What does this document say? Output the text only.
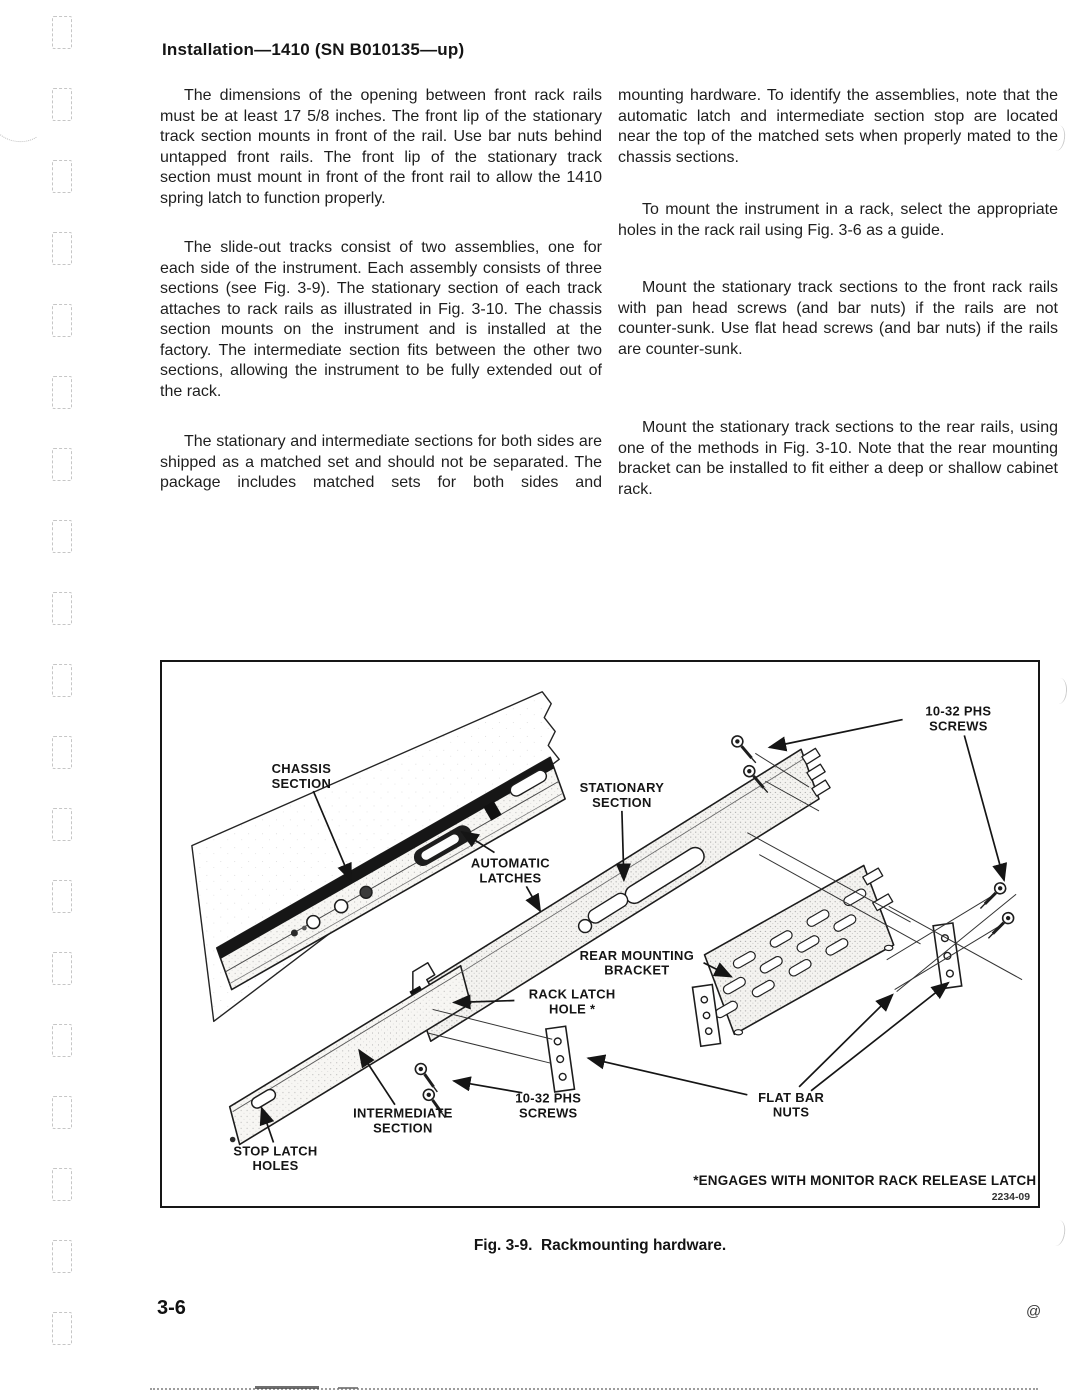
Installation—1410 (SN B010135—up)

The dimensions of the opening between front rack rails must be at least 17 5/8 inches. The front lip of the stationary track section mounts in front of the rail. Use bar nuts behind untapped front rails. The front lip of the stationary track section must mount in front of the front rail to allow the 1410 spring latch to function properly.

The slide-out tracks consist of two assemblies, one for each side of the instrument. Each assembly consists of three sections (see Fig. 3-9). The stationary section of each track attaches to rack rails as illustrated in Fig. 3-10. The chassis section mounts on the instrument and is installed at the factory. The intermediate section fits between the other two sections, allowing the instrument to be fully extended out of the rack.

The stationary and intermediate sections for both sides are shipped as a matched set and should not be separated. The package includes matched sets for both sides and

mounting hardware. To identify the assemblies, note that the automatic latch and intermediate section stop are located near the top of the matched sets when properly mated to the chassis sections.

To mount the instrument in a rack, select the appropriate holes in the rack rail using Fig. 3-6 as a guide.

Mount the stationary track sections to the front rack rails with pan head screws (and bar nuts) if the rails are not counter-sunk. Use flat head screws (and bar nuts) if the rails are counter-sunk.

Mount the stationary track sections to the rear rails, using one of the methods in Fig. 3-10. Note that the rear mounting bracket can be installed to fit either a deep or shallow cabinet rack.

10-32 PHS
SCREWS
CHASSIS
SECTION	STATIONARY
SECTION
AUTOMATIC
LATCHES
REAR MOUNTING
BRACKET
RACK LATCH
HOLE *
10-32 PHS
SCREWS
INTERMEDIATE
SECTION
STOP LATCH
HOLES
FLAT BAR
NUTS
*ENGAGES WITH MONITOR RACK RELEASE LATCH
2234-09
Fig. 3-9.  Rackmounting hardware.
3-6	@
